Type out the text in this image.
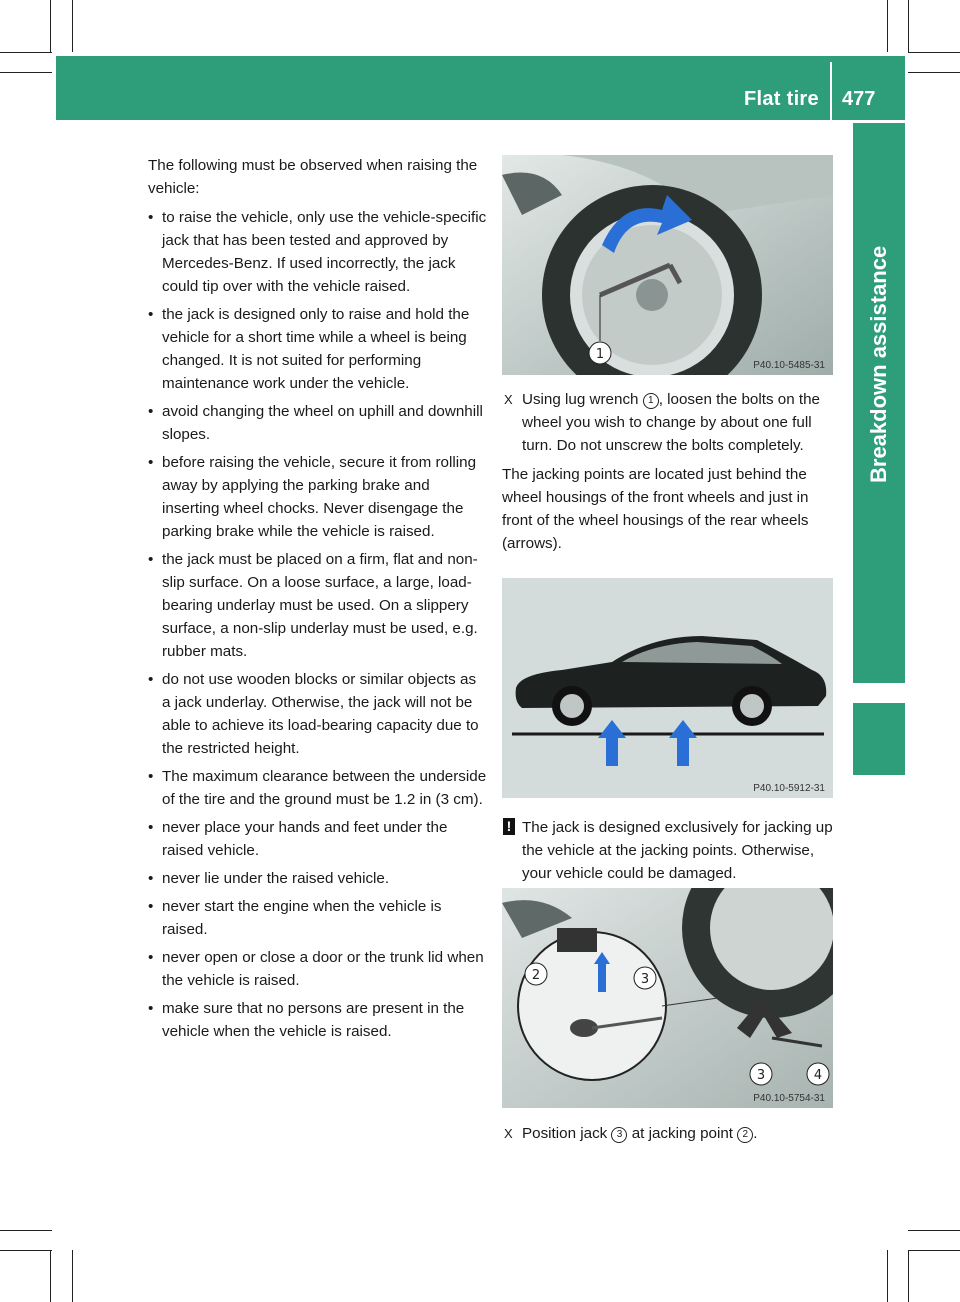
Flat tire 477
Breakdown assistance

The following must be observed when raising the vehicle:

• to raise the vehicle, only use the vehicle-specific jack that has been tested and approved by Mercedes-Benz. If used incorrectly, the jack could tip over with the vehicle raised.
• the jack is designed only to raise and hold the vehicle for a short time while a wheel is being changed. It is not suited for performing maintenance work under the vehicle.
• avoid changing the wheel on uphill and downhill slopes.
• before raising the vehicle, secure it from rolling away by applying the parking brake and inserting wheel chocks. Never disengage the parking brake while the vehicle is raised.
• the jack must be placed on a firm, flat and non-slip surface. On a loose surface, a large, load-bearing underlay must be used. On a slippery surface, a non-slip underlay must be used, e.g. rubber mats.
• do not use wooden blocks or similar objects as a jack underlay. Otherwise, the jack will not be able to achieve its load-bearing capacity due to the restricted height.
• The maximum clearance between the underside of the tire and the ground must be 1.2 in (3 cm).
• never place your hands and feet under the raised vehicle.
• never lie under the raised vehicle.
• never start the engine when the vehicle is raised.
• never open or close a door or the trunk lid when the vehicle is raised.
• make sure that no persons are present in the vehicle when the vehicle is raised.
1
P40.10-5485-31
X Using lug wrench 1 , loosen the bolts on the wheel you wish to change by about one full turn. Do not unscrew the bolts completely.

The jacking points are located just behind the wheel housings of the front wheels and just in front of the wheel housings of the rear wheels (arrows).

P40.10-5912-31
! The jack is designed exclusively for jacking up the vehicle at the jacking points. Otherwise, your vehicle could be damaged.
2	3
3	4
P40.10-5754-31
X Position jack 3 at jacking point 2 .
